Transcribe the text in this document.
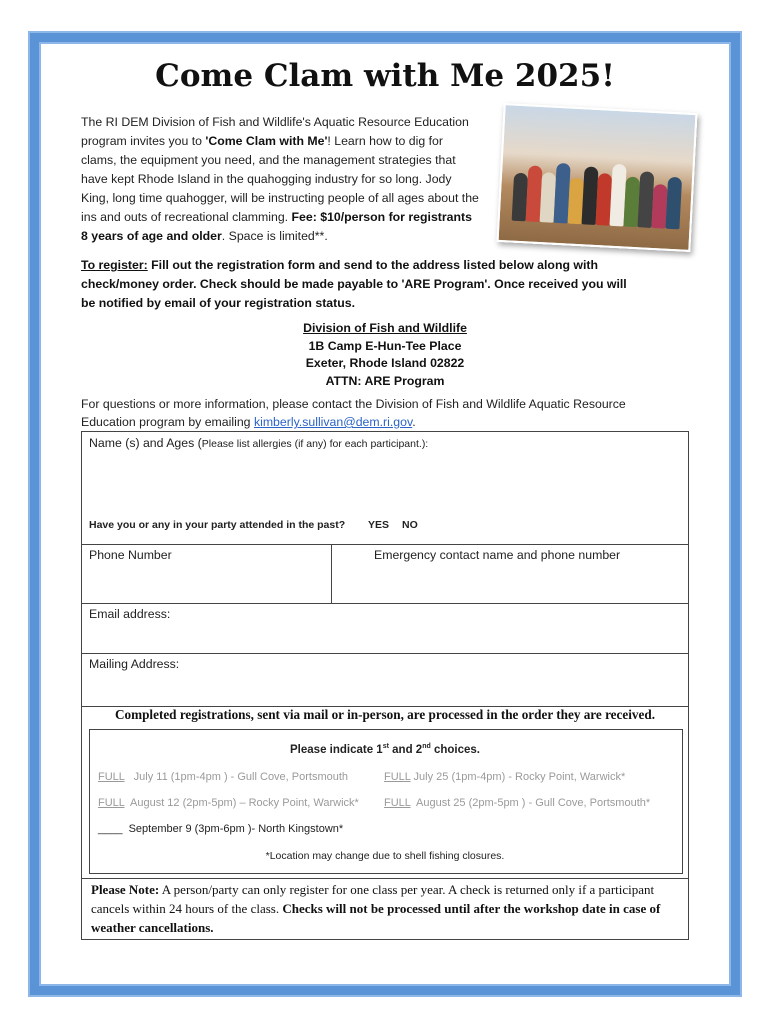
Come Clam with Me 2025!
The RI DEM Division of Fish and Wildlife's Aquatic Resource Education program invites you to 'Come Clam with Me'! Learn how to dig for clams, the equipment you need, and the management strategies that have kept Rhode Island in the quahogging industry for so long. Jody King, long time quahogger, will be instructing people of all ages about the ins and outs of recreational clamming. Fee: $10/person for registrants 8 years of age and older. Space is limited**.
To register: Fill out the registration form and send to the address listed below along with check/money order. Check should be made payable to 'ARE Program'. Once received you will be notified by email of your registration status.
Division of Fish and Wildlife
1B Camp E-Hun-Tee Place
Exeter, Rhode Island 02822
ATTN: ARE Program
For questions or more information, please contact the Division of Fish and Wildlife Aquatic Resource Education program by emailing kimberly.sullivan@dem.ri.gov.
Name (s) and Ages (Please list allergies (if any) for each participant.):
Have you or any in your party attended in the past? YES NO
Phone Number	Emergency contact name and phone number
Email address:
Mailing Address:
Completed registrations, sent via mail or in-person, are processed in the order they are received.
Please indicate 1st and 2nd choices.
FULL   July 11 (1pm-4pm ) - Gull Cove, Portsmouth	FULL July 25 (1pm-4pm) - Rocky Point, Warwick*
FULL  August 12 (2pm-5pm) – Rocky Point, Warwick* FULL  August 25 (2pm-5pm ) - Gull Cove, Portsmouth*
____  September 9 (3pm-6pm )- North Kingstown*
*Location may change due to shell fishing closures.
Please Note: A person/party can only register for one class per year. A check is returned only if a participant cancels within 24 hours of the class. Checks will not be processed until after the workshop date in case of weather cancellations.
